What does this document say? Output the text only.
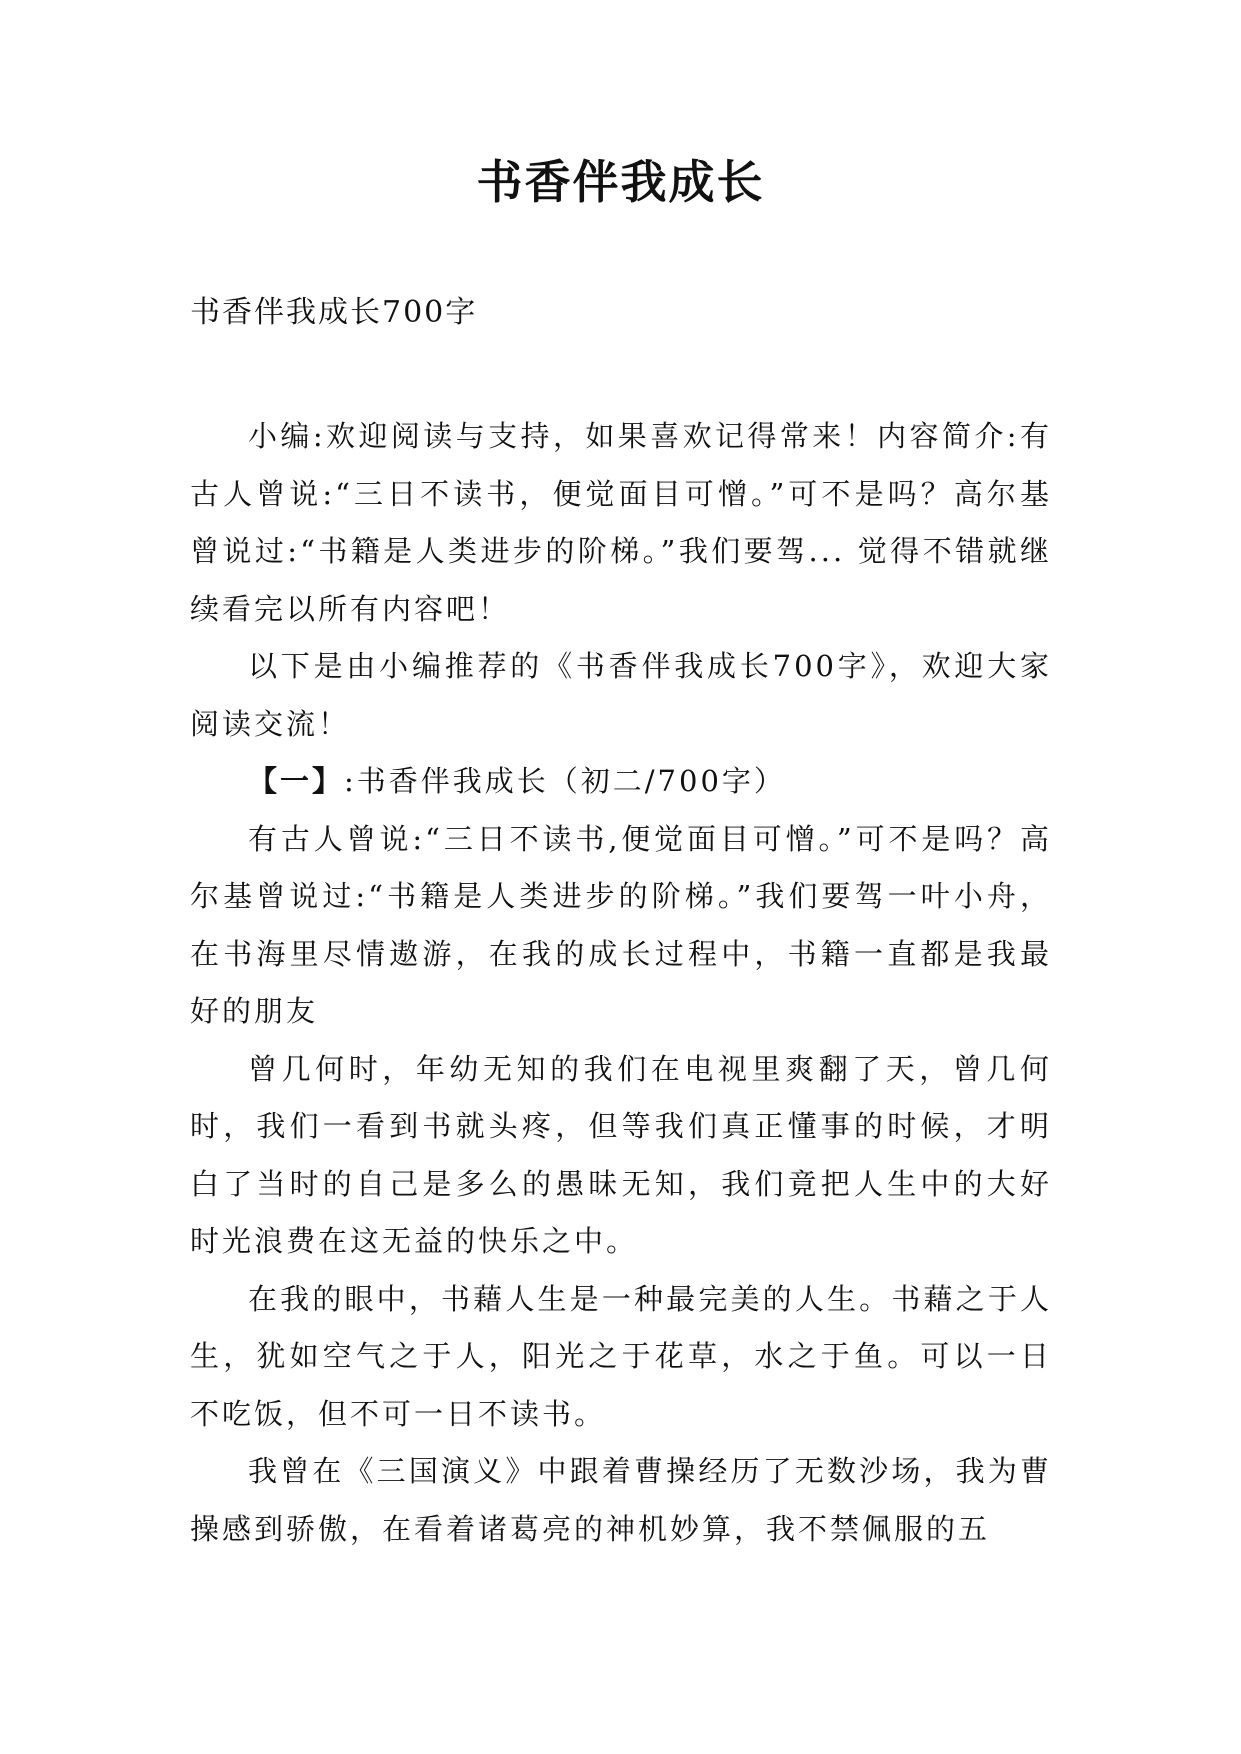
书香伴我成长
书香伴我成长700字

小编:欢迎阅读与支持，如果喜欢记得常来！内容简介:有古人曾说:“三日不读书，便觉面目可憎。”可不是吗？高尔基曾说过:“书籍是人类进步的阶梯。”我们要驾... 觉得不错就继续看完以所有内容吧！

以下是由小编推荐的《书香伴我成长700字》，欢迎大家阅读交流！

【一】:书香伴我成长（初二/700字）

有古人曾说:“三日不读书,便觉面目可憎。”可不是吗？高尔基曾说过:“书籍是人类进步的阶梯。”我们要驾一叶小舟，在书海里尽情遨游，在我的成长过程中，书籍一直都是我最好的朋友

曾几何时，年幼无知的我们在电视里爽翻了天，曾几何时，我们一看到书就头疼，但等我们真正懂事的时候，才明白了当时的自己是多么的愚昧无知，我们竟把人生中的大好时光浪费在这无益的快乐之中。

在我的眼中，书藉人生是一种最完美的人生。书藉之于人生，犹如空气之于人，阳光之于花草，水之于鱼。可以一日不吃饭，但不可一日不读书。

我曾在《三国演义》中跟着曹操经历了无数沙场，我为曹操感到骄傲，在看着诸葛亮的神机妙算，我不禁佩服的五
